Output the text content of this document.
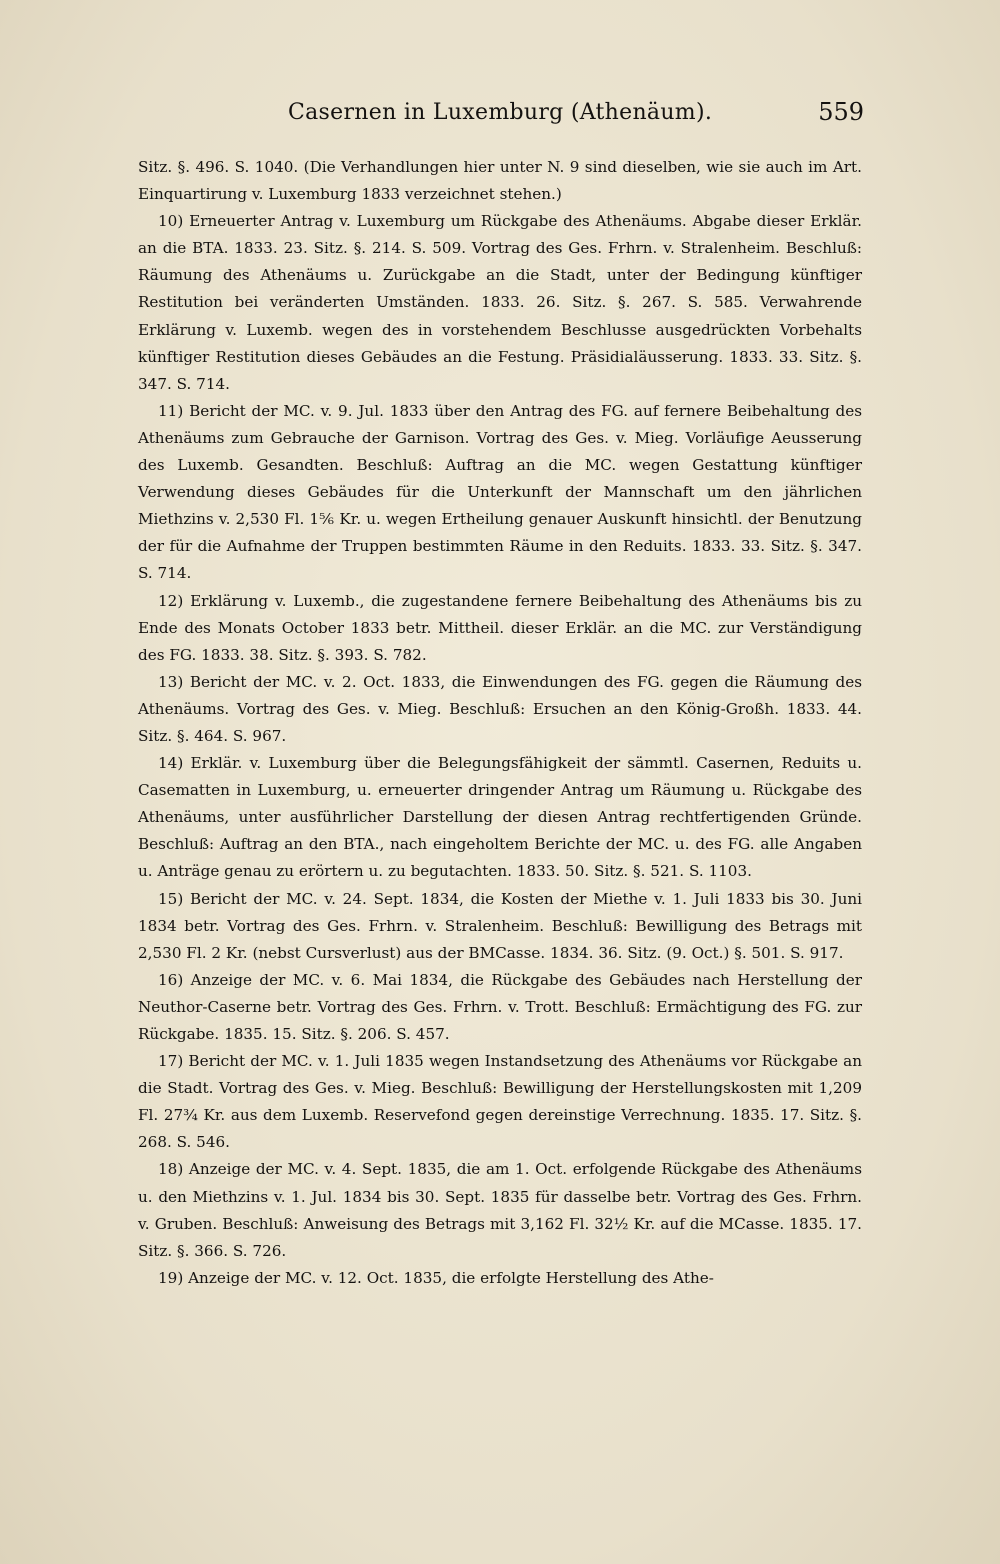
Casernen in Luxemburg (Athenäum).	559

Sitz. §. 496. S. 1040. (Die Verhandlungen hier unter N. 9 sind dieselben, wie sie auch im Art. Einquartirung v. Luxemburg 1833 verzeichnet stehen.)

10) Erneuerter Antrag v. Luxemburg um Rückgabe des Athenäums. Abgabe dieser Erklär. an die BTA. 1833. 23. Sitz. §. 214. S. 509. Vortrag des Ges. Frhrn. v. Stralenheim. Beschluß: Räumung des Athenäums u. Zurückgabe an die Stadt, unter der Bedingung künftiger Restitution bei veränderten Umständen. 1833. 26. Sitz. §. 267. S. 585. Verwahrende Erklärung v. Luxemb. wegen des in vorstehendem Beschlusse ausgedrückten Vorbehalts künftiger Restitution dieses Gebäudes an die Festung. Präsidialäusserung. 1833. 33. Sitz. §. 347. S. 714.

11) Bericht der MC. v. 9. Jul. 1833 über den Antrag des FG. auf fernere Beibehaltung des Athenäums zum Gebrauche der Garnison. Vortrag des Ges. v. Mieg. Vorläufige Aeusserung des Luxemb. Gesandten. Beschluß: Auftrag an die MC. wegen Gestattung künftiger Verwendung dieses Gebäudes für die Unterkunft der Mannschaft um den jährlichen Miethzins v. 2,530 Fl. 1⅚ Kr. u. wegen Ertheilung genauer Auskunft hinsichtl. der Benutzung der für die Aufnahme der Truppen bestimmten Räume in den Reduits. 1833. 33. Sitz. §. 347. S. 714.

12) Erklärung v. Luxemb., die zugestandene fernere Beibehaltung des Athenäums bis zu Ende des Monats October 1833 betr. Mittheil. dieser Erklär. an die MC. zur Verständigung des FG. 1833. 38. Sitz. §. 393. S. 782.

13) Bericht der MC. v. 2. Oct. 1833, die Einwendungen des FG. gegen die Räumung des Athenäums. Vortrag des Ges. v. Mieg. Beschluß: Ersuchen an den König-Großh. 1833. 44. Sitz. §. 464. S. 967.

14) Erklär. v. Luxemburg über die Belegungsfähigkeit der sämmtl. Casernen, Reduits u. Casematten in Luxemburg, u. erneuerter dringender Antrag um Räumung u. Rückgabe des Athenäums, unter ausführlicher Darstellung der diesen Antrag rechtfertigenden Gründe. Beschluß: Auftrag an den BTA., nach eingeholtem Berichte der MC. u. des FG. alle Angaben u. Anträge genau zu erörtern u. zu begutachten. 1833. 50. Sitz. §. 521. S. 1103.

15) Bericht der MC. v. 24. Sept. 1834, die Kosten der Miethe v. 1. Juli 1833 bis 30. Juni 1834 betr. Vortrag des Ges. Frhrn. v. Stralenheim. Beschluß: Bewilligung des Betrags mit 2,530 Fl. 2 Kr. (nebst Cursverlust) aus der BMCasse. 1834. 36. Sitz. (9. Oct.) §. 501. S. 917.

16) Anzeige der MC. v. 6. Mai 1834, die Rückgabe des Gebäudes nach Herstellung der Neuthor-Caserne betr. Vortrag des Ges. Frhrn. v. Trott. Beschluß: Ermächtigung des FG. zur Rückgabe. 1835. 15. Sitz. §. 206. S. 457.

17) Bericht der MC. v. 1. Juli 1835 wegen Instandsetzung des Athenäums vor Rückgabe an die Stadt. Vortrag des Ges. v. Mieg. Beschluß: Bewilligung der Herstellungskosten mit 1,209 Fl. 27¾ Kr. aus dem Luxemb. Reservefond gegen dereinstige Verrechnung. 1835. 17. Sitz. §. 268. S. 546.

18) Anzeige der MC. v. 4. Sept. 1835, die am 1. Oct. erfolgende Rückgabe des Athenäums u. den Miethzins v. 1. Jul. 1834 bis 30. Sept. 1835 für dasselbe betr. Vortrag des Ges. Frhrn. v. Gruben. Beschluß: Anweisung des Betrags mit 3,162 Fl. 32½ Kr. auf die MCasse. 1835. 17. Sitz. §. 366. S. 726.

19) Anzeige der MC. v. 12. Oct. 1835, die erfolgte Herstellung des Athe-
